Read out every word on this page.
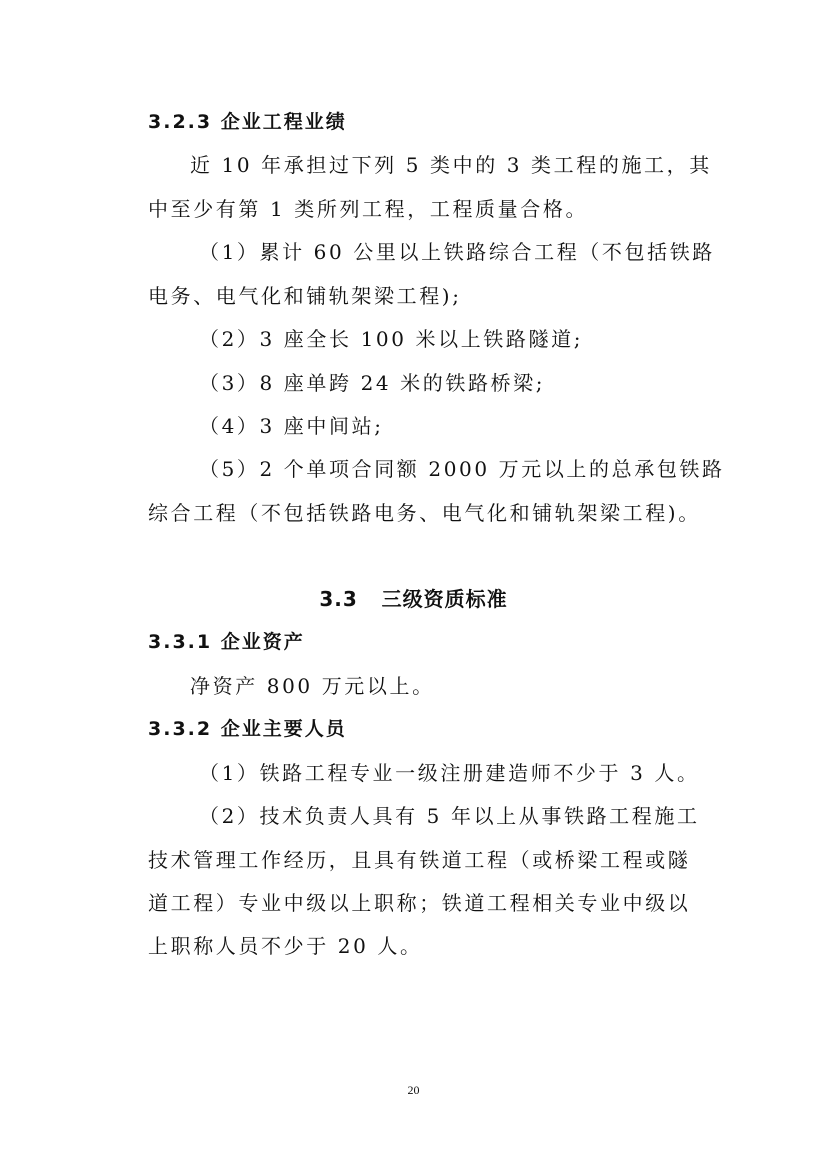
3.2.3 企业工程业绩
近 10 年承担过下列 5 类中的 3 类工程的施工，其
中至少有第 1 类所列工程，工程质量合格。
（1）累计 60 公里以上铁路综合工程（不包括铁路
电务、电气化和铺轨架梁工程);
（2）3 座全长 100 米以上铁路隧道;
（3）8 座单跨 24 米的铁路桥梁;
（4）3 座中间站;
（5）2 个单项合同额 2000 万元以上的总承包铁路
综合工程（不包括铁路电务、电气化和铺轨架梁工程)。
3.3   三级资质标准
3.3.1 企业资产
净资产 800 万元以上。
3.3.2 企业主要人员
（1）铁路工程专业一级注册建造师不少于 3 人。
（2）技术负责人具有 5 年以上从事铁路工程施工
技术管理工作经历，且具有铁道工程（或桥梁工程或隧
道工程）专业中级以上职称；铁道工程相关专业中级以
上职称人员不少于 20 人。
20
